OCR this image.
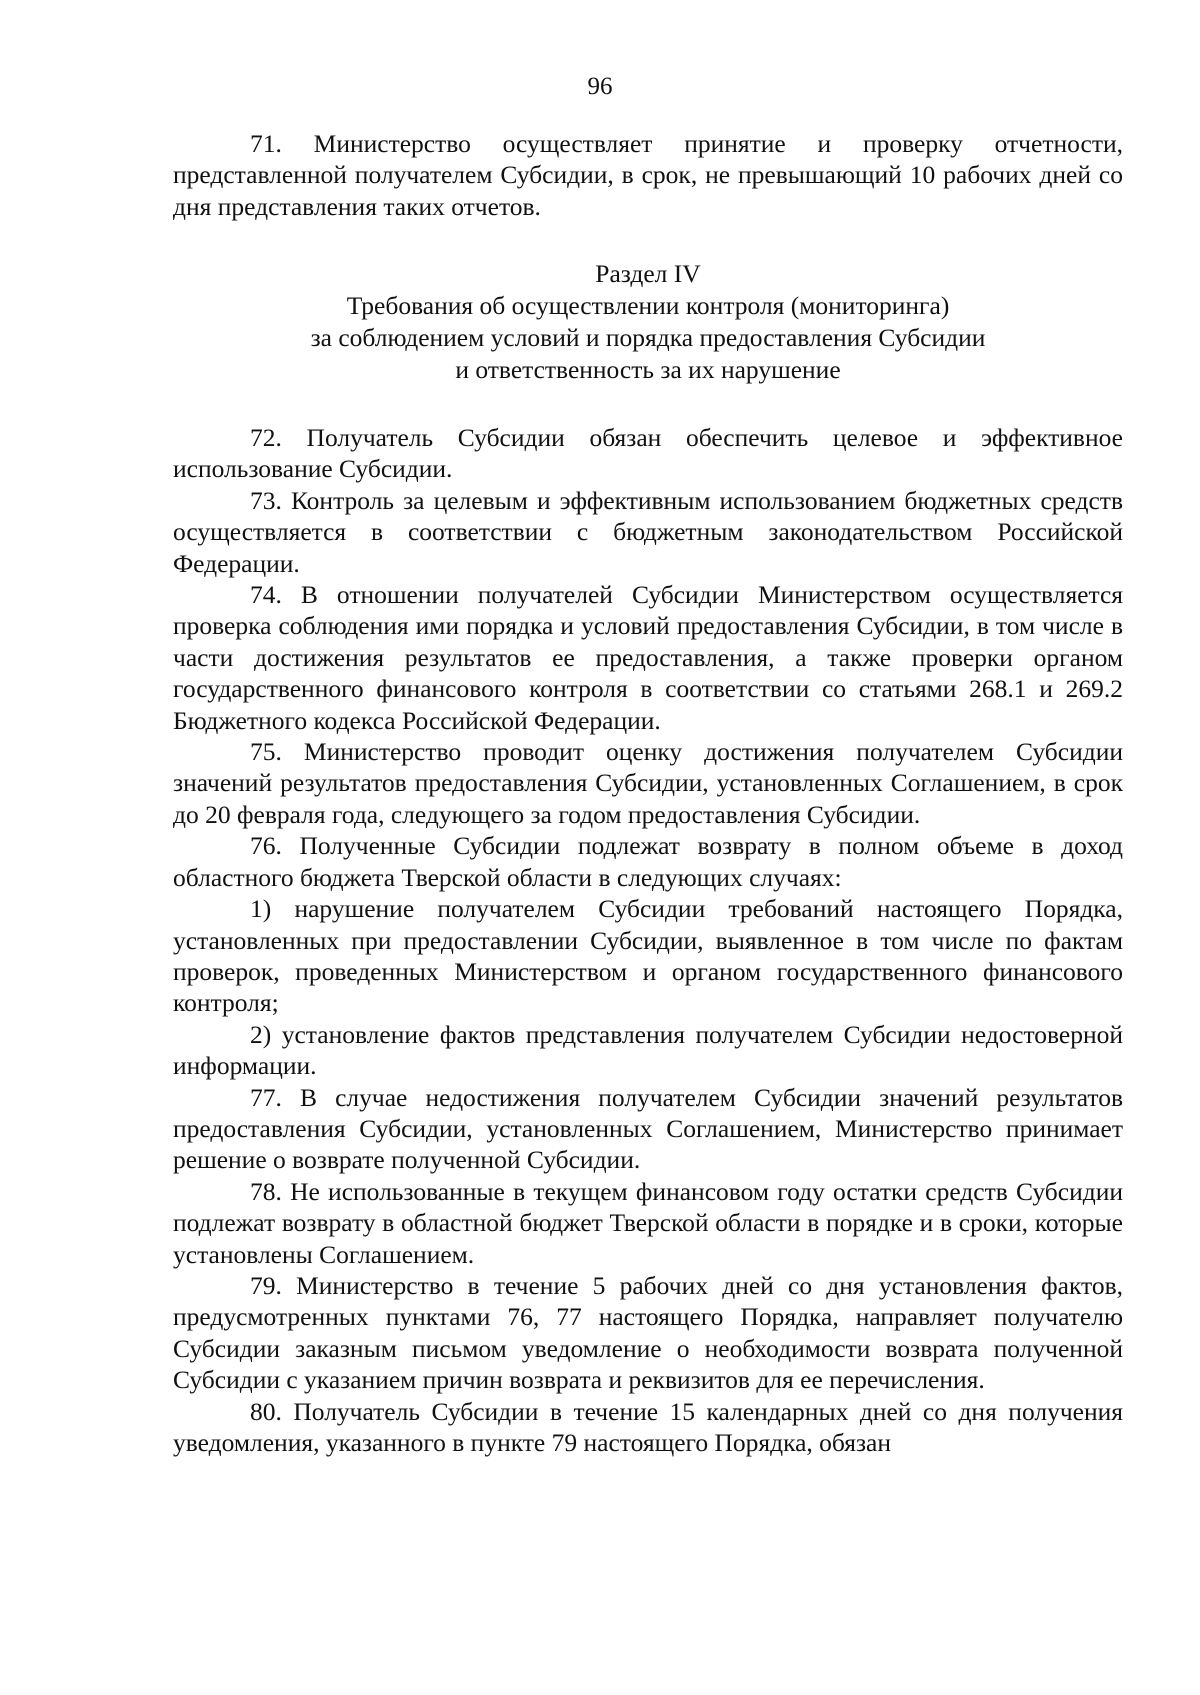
96

71. Министерство осуществляет принятие и проверку отчетности, представленной получателем Субсидии, в срок, не превышающий 10 рабочих дней со дня представления таких отчетов.

Раздел IV
Требования об осуществлении контроля (мониторинга)
за соблюдением условий и порядка предоставления Субсидии
и ответственность за их нарушение

72. Получатель Субсидии обязан обеспечить целевое и эффективное использование Субсидии.

73. Контроль за целевым и эффективным использованием бюджетных средств осуществляется в соответствии с бюджетным законодательством Российской Федерации.

74. В отношении получателей Субсидии Министерством осуществляется проверка соблюдения ими порядка и условий предоставления Субсидии, в том числе в части достижения результатов ее предоставления, а также проверки органом государственного финансового контроля в соответствии со статьями 268.1 и 269.2 Бюджетного кодекса Российской Федерации.

75. Министерство проводит оценку достижения получателем Субсидии значений результатов предоставления Субсидии, установленных Соглашением, в срок до 20 февраля года, следующего за годом предоставления Субсидии.

76. Полученные Субсидии подлежат возврату в полном объеме в доход областного бюджета Тверской области в следующих случаях:

1) нарушение получателем Субсидии требований настоящего Порядка, установленных при предоставлении Субсидии, выявленное в том числе по фактам проверок, проведенных Министерством и органом государственного финансового контроля;

2) установление фактов представления получателем Субсидии недостоверной информации.

77. В случае недостижения получателем Субсидии значений результатов предоставления Субсидии, установленных Соглашением, Министерство принимает решение о возврате полученной Субсидии.

78. Не использованные в текущем финансовом году остатки средств Субсидии подлежат возврату в областной бюджет Тверской области в порядке и в сроки, которые установлены Соглашением.

79. Министерство в течение 5 рабочих дней со дня установления фактов, предусмотренных пунктами 76, 77 настоящего Порядка, направляет получателю Субсидии заказным письмом уведомление о необходимости возврата полученной Субсидии с указанием причин возврата и реквизитов для ее перечисления.

80. Получатель Субсидии в течение 15 календарных дней со дня получения уведомления, указанного в пункте 79 настоящего Порядка, обязан
